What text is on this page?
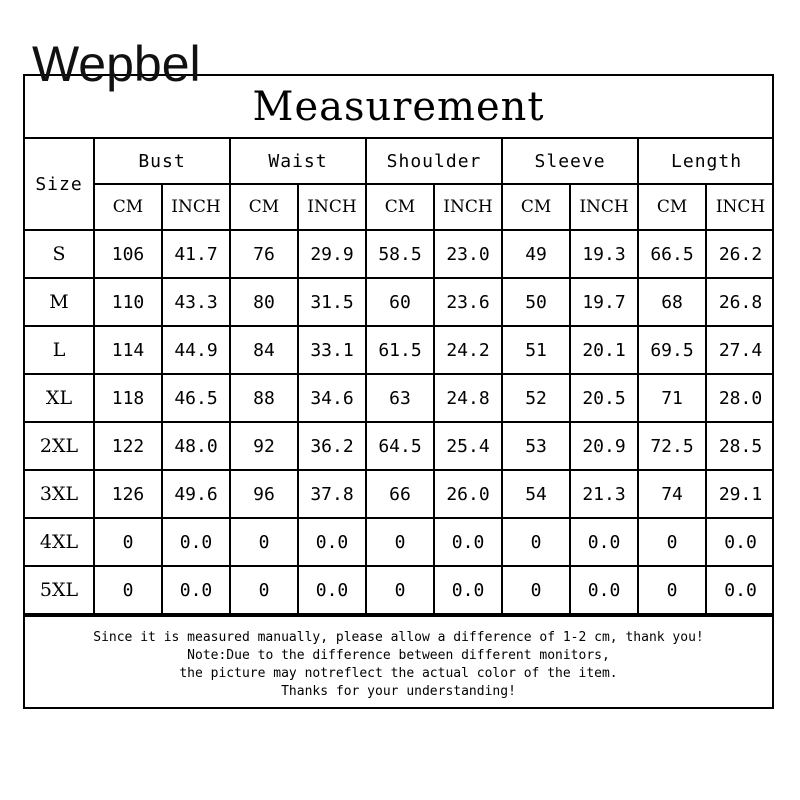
Wepbel
Measurement
Size	Bust		Waist		Shoulder		Sleeve		Length	
	CM	INCH	CM	INCH	CM	INCH	CM	INCH	CM	INCH
S	106	41.7	76	29.9	58.5	23.0	49	19.3	66.5	26.2
M	110	43.3	80	31.5	60	23.6	50	19.7	68	26.8
L	114	44.9	84	33.1	61.5	24.2	51	20.1	69.5	27.4
XL	118	46.5	88	34.6	63	24.8	52	20.5	71	28.0
2XL	122	48.0	92	36.2	64.5	25.4	53	20.9	72.5	28.5
3XL	126	49.6	96	37.8	66	26.0	54	21.3	74	29.1
4XL	0	0.0	0	0.0	0	0.0	0	0.0	0	0.0
5XL	0	0.0	0	0.0	0	0.0	0	0.0	0	0.0
Since it is measured manually, please allow a difference of 1-2 cm, thank you!
Note:Due to the difference between different monitors,
the picture may notreflect the actual color of the item.
Thanks for your understanding!
